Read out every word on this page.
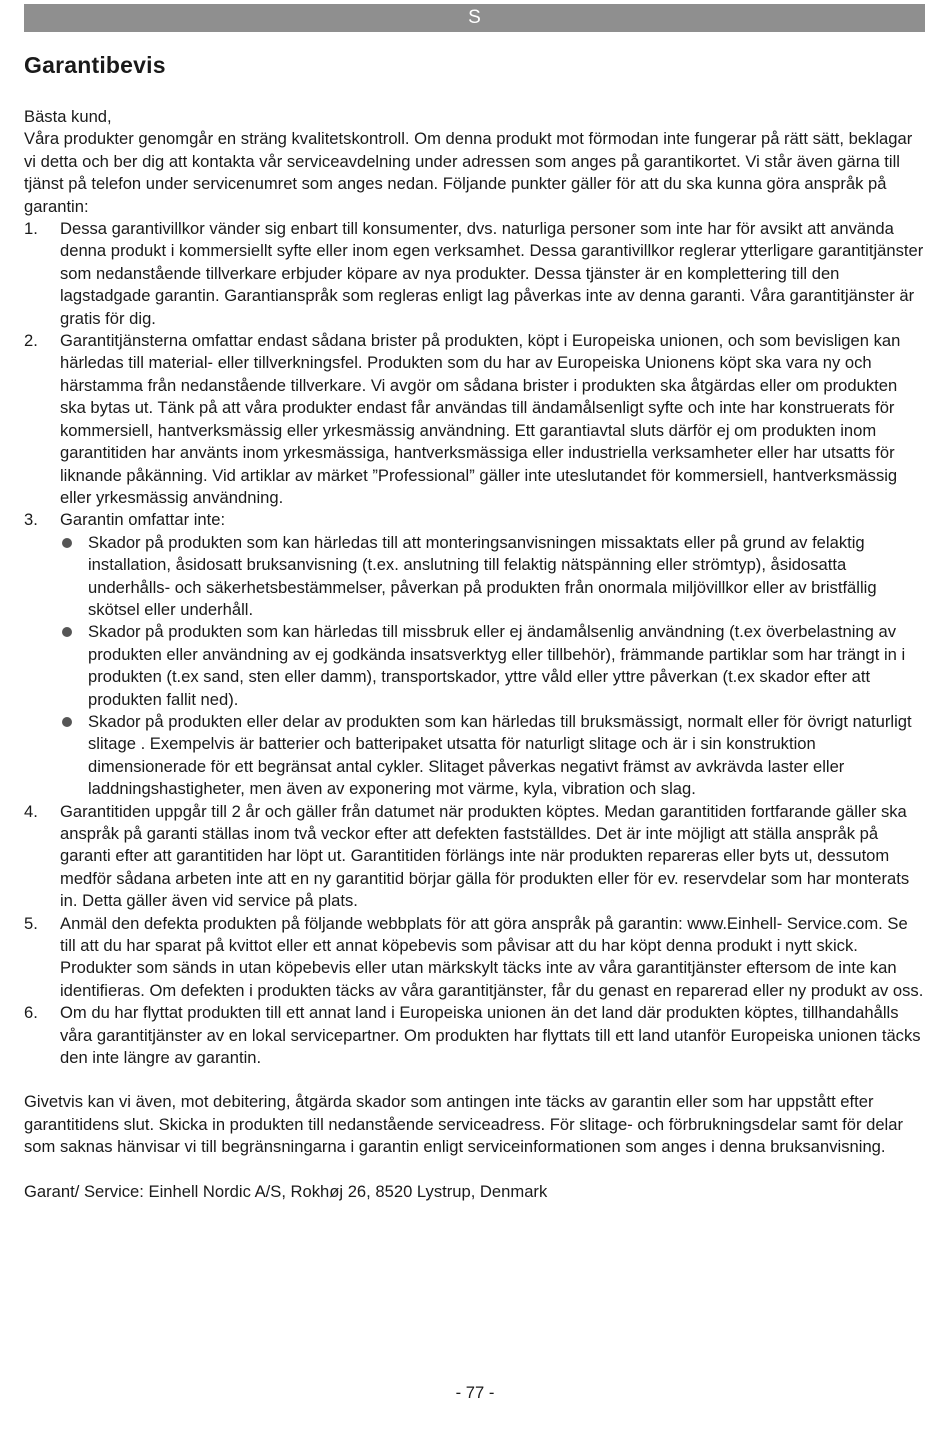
S
Garantibevis

Bästa kund,

Våra produkter genomgår en sträng kvalitetskontroll. Om denna produkt mot förmodan inte fungerar på rätt sätt, beklagar vi detta och ber dig att kontakta vår serviceavdelning under adressen som anges på garantikortet. Vi står även gärna till tjänst på telefon under servicenumret som anges nedan. Följande punkter gäller för att du ska kunna göra anspråk på garantin:

1. Dessa garantivillkor vänder sig enbart till konsumenter, dvs. naturliga personer som inte har för avsikt att använda denna produkt i kommersiellt syfte eller inom egen verksamhet. Dessa garantivillkor reglerar ytterligare garantitjänster som nedanstående tillverkare erbjuder köpare av nya produkter. Dessa tjänster är en komplettering till den lagstadgade garantin. Garantianspråk som regleras enligt lag påverkas inte av denna garanti. Våra garantitjänster är gratis för dig.
2. Garantitjänsterna omfattar endast sådana brister på produkten, köpt i Europeiska unionen, och som bevisligen kan härledas till material- eller tillverkningsfel. Produkten som du har av Europeiska Unionens köpt ska vara ny och härstamma från nedanstående tillverkare. Vi avgör om sådana brister i produkten ska åtgärdas eller om produkten ska bytas ut. Tänk på att våra produkter endast får användas till ändamålsenligt syfte och inte har konstruerats för kommersiell, hantverksmässig eller yrkesmässig användning. Ett garantiavtal sluts därför ej om produkten inom garantitiden har använts inom yrkesmässiga, hantverksmässiga eller industriella verksamheter eller har utsatts för liknande påkänning. Vid artiklar av märket ”Professional” gäller inte uteslutandet för kommersiell, hantverksmässig eller yrkesmässig användning.
3. Garantin omfattar inte:
Skador på produkten som kan härledas till att monteringsanvisningen missaktats eller på grund av felaktig installation, åsidosatt bruksanvisning (t.ex. anslutning till felaktig nätspänning eller strömtyp), åsidosatta underhålls- och säkerhetsbestämmelser, påverkan på produkten från onormala miljövillkor eller av bristfällig skötsel eller underhåll.
Skador på produkten som kan härledas till missbruk eller ej ändamålsenlig användning (t.ex överbelastning av produkten eller användning av ej godkända insatsverktyg eller tillbehör), främmande partiklar som har trängt in i produkten (t.ex sand, sten eller damm), transportskador, yttre våld eller yttre påverkan (t.ex skador efter att produkten fallit ned).
Skador på produkten eller delar av produkten som kan härledas till bruksmässigt, normalt eller för övrigt naturligt slitage . Exempelvis är batterier och batteripaket utsatta för naturligt slitage och är i sin konstruktion dimensionerade för ett begränsat antal cykler. Slitaget påverkas negativt främst av avkrävda laster eller laddningshastigheter, men även av exponering mot värme, kyla, vibration och slag.
4. Garantitiden uppgår till 2 år och gäller från datumet när produkten köptes. Medan garantitiden fortfarande gäller ska anspråk på garanti ställas inom två veckor efter att defekten fastställdes. Det är inte möjligt att ställa anspråk på garanti efter att garantitiden har löpt ut. Garantitiden förlängs inte när produkten repareras eller byts ut, dessutom medför sådana arbeten inte att en ny garantitid börjar gälla för produkten eller för ev. reservdelar som har monterats in. Detta gäller även vid service på plats.
5. Anmäl den defekta produkten på följande webbplats för att göra anspråk på garantin: www.Einhell- Service.com. Se till att du har sparat på kvittot eller ett annat köpebevis som påvisar att du har köpt denna produkt i nytt skick. Produkter som sänds in utan köpebevis eller utan märkskylt täcks inte av våra garantitjänster eftersom de inte kan identifieras. Om defekten i produkten täcks av våra garantitjänster, får du genast en reparerad eller ny produkt av oss.
6. Om du har flyttat produkten till ett annat land i Europeiska unionen än det land där produkten köptes, tillhandahålls våra garantitjänster av en lokal servicepartner. Om produkten har flyttats till ett land utanför Europeiska unionen täcks den inte längre av garantin.

Givetvis kan vi även, mot debitering, åtgärda skador som antingen inte täcks av garantin eller som har uppstått efter garantitidens slut. Skicka in produkten till nedanstående serviceadress. För slitage- och förbrukningsdelar samt för delar som saknas hänvisar vi till begränsningarna i garantin enligt serviceinformationen som anges i denna bruksanvisning.

Garant/ Service: Einhell Nordic A/S, Rokhøj 26, 8520 Lystrup, Denmark

- 77 -
